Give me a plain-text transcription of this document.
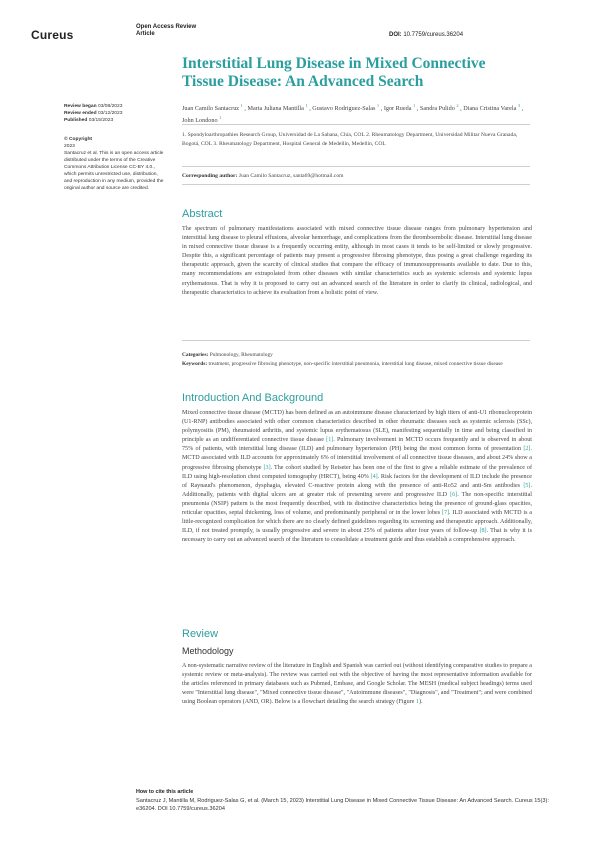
Cureus
Open Access Review
Article	DOI: 10.7759/cureus.36204
Interstitial Lung Disease in Mixed Connective Tissue Disease: An Advanced Search
Juan Camilo Santacruz $^1$ , Marta Juliana Mantilla $^1$ , Gustavo Rodriguez-Salas $^1$ , Igor Rueda $^1$ , Sandra Pulido $^2$ , Diana Cristina Varela $^3$ , John Londono $^1$
1. Spondyloarthropathies Research Group, Universidad de La Sabana, Chía, COL 2. Rheumatology Department, Universidad Militar Nueva Granada, Bogotá, COL 3. Rheumatology Department, Hospital General de Medellín, Medellín, COL
Corresponding author: Juan Camilo Santacruz, santa69@hotmail.com
Review began 03/08/2023
Review ended 03/12/2023
Published 03/15/2023
© Copyright
2023
Santacruz et al. This is an open access article distributed under the terms of the Creative Commons Attribution License CC-BY 4.0., which permits unrestricted use, distribution, and reproduction in any medium, provided the original author and source are credited.
Abstract
The spectrum of pulmonary manifestations associated with mixed connective tissue disease ranges from pulmonary hypertension and interstitial lung disease to pleural effusions, alveolar hemorrhage, and complications from the thromboembolic disease. Interstitial lung disease in mixed connective tissue disease is a frequently occurring entity, although in most cases it tends to be self-limited or slowly progressive. Despite this, a significant percentage of patients may present a progressive fibrosing phenotype, thus posing a great challenge regarding its therapeutic approach, given the scarcity of clinical studies that compare the efficacy of immunosuppressants available to date. Due to this, many recommendations are extrapolated from other diseases with similar characteristics such as systemic sclerosis and systemic lupus erythematosus. That is why it is proposed to carry out an advanced search of the literature in order to clarify its clinical, radiological, and therapeutic characteristics to achieve its evaluation from a holistic point of view.
Categories: Pulmonology, Rheumatology
Keywords: treatment, progressive fibrosing phenotype, non-specific interstitial pneumonia, interstitial lung disease, mixed connective tissue disease
Introduction And Background
Mixed connective tissue disease (MCTD) has been defined as an autoimmune disease characterized by high titers of anti-U1 ribonucleoprotein (U1-RNP) antibodies associated with other common characteristics described in other rheumatic diseases such as systemic sclerosis (SSc), polymyositis (PM), rheumatoid arthritis, and systemic lupus erythematosus (SLE), manifesting sequentially in time and being classified in principle as an undifferentiated connective tissue disease [1]. Pulmonary involvement in MCTD occurs frequently and is observed in about 75% of patients, with interstitial lung disease (ILD) and pulmonary hypertension (PH) being the most common forms of presentation [2]. MCTD associated with ILD accounts for approximately 6% of interstitial involvement of all connective tissue diseases, and about 24% show a progressive fibrosing phenotype [3]. The cohort studied by Reiseter has been one of the first to give a reliable estimate of the prevalence of ILD using high-resolution chest computed tomography (HRCT), being 40% [4]. Risk factors for the development of ILD include the presence of Raynaud's phenomenon, dysphagia, elevated C-reactive protein along with the presence of anti-Ro52 and anti-Sm antibodies [5]. Additionally, patients with digital ulcers are at greater risk of presenting severe and progressive ILD [6]. The non-specific interstitial pneumonia (NSIP) pattern is the most frequently described, with its distinctive characteristics being the presence of ground-glass opacities, reticular opacities, septal thickening, loss of volume, and predominantly peripheral or in the lower lobes [7]. ILD associated with MCTD is a little-recognized complication for which there are no clearly defined guidelines regarding its screening and therapeutic approach. Additionally, ILD, if not treated promptly, is usually progressive and severe in about 25% of patients after four years of follow-up [8]. That is why it is necessary to carry out an advanced search of the literature to consolidate a treatment guide and thus establish a comprehensive approach.
Review
Methodology
A non-systematic narrative review of the literature in English and Spanish was carried out (without identifying comparative studies to prepare a systemic review or meta-analysis). The review was carried out with the objective of having the most representative information available for the articles referenced in primary databases such as Pubmed, Embase, and Google Scholar. The MESH (medical subject headings) terms used were "Interstitial lung disease", "Mixed connective tissue disease", "Autoimmune diseases", "Diagnosis", and "Treatment"; and were combined using Boolean operators (AND, OR). Below is a flowchart detailing the search strategy (Figure 1).
How to cite this article
Santacruz J, Mantilla M, Rodriguez-Salas G, et al. (March 15, 2023) Interstitial Lung Disease in Mixed Connective Tissue Disease: An Advanced Search. Cureus 15(3): e36204. DOI 10.7759/cureus.36204
